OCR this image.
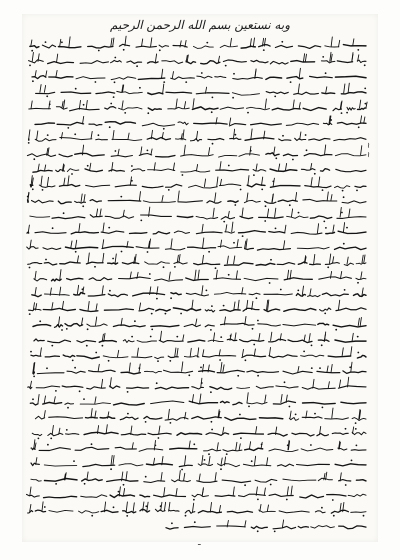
وبه نستعين بسم الله الرحمن الرحيم
~ ~
ـ
